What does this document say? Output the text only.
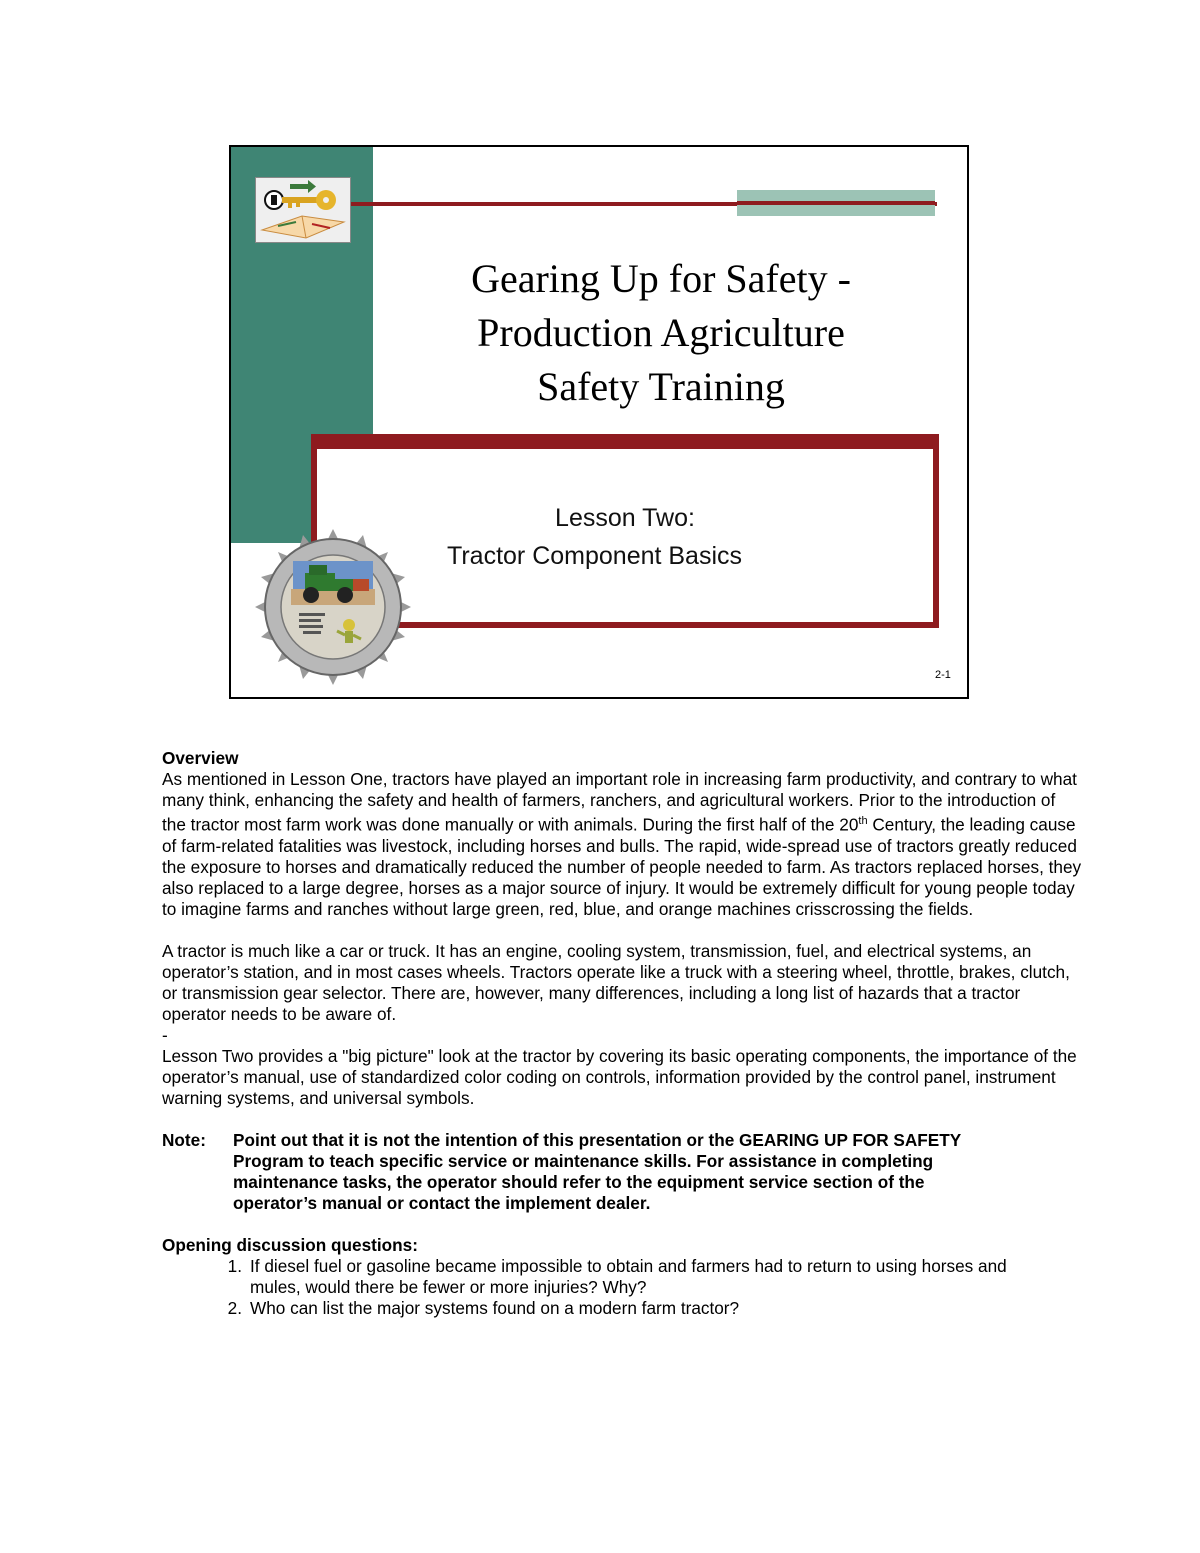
Gearing Up for Safety -
Production Agriculture
Safety Training
Lesson Two:
Tractor Component Basics
2-1

Overview

As mentioned in Lesson One, tractors have played an important role in increasing farm productivity, and contrary to what many think, enhancing the safety and health of farmers, ranchers, and agricultural workers. Prior to the introduction of the tractor most farm work was done manually or with animals. During the first half of the 20th Century, the leading cause of farm-related fatalities was livestock, including horses and bulls. The rapid, wide-spread use of tractors greatly reduced the exposure to horses and dramatically reduced the number of people needed to farm. As tractors replaced horses, they also replaced to a large degree, horses as a major source of injury. It would be extremely difficult for young people today to imagine farms and ranches without large green, red, blue, and orange machines crisscrossing the fields.

A tractor is much like a car or truck. It has an engine, cooling system, transmission, fuel, and electrical systems, an operator’s station, and in most cases wheels. Tractors operate like a truck with a steering wheel, throttle, brakes, clutch, or transmission gear selector. There are, however, many differences, including a long list of hazards that a tractor operator needs to be aware of.

-

Lesson Two provides a "big picture" look at the tractor by covering its basic operating components, the importance of the operator’s manual, use of standardized color coding on controls, information provided by the control panel, instrument warning systems, and universal symbols.

Note:	Point out that it is not the intention of this presentation or the GEARING UP FOR SAFETY Program to teach specific service or maintenance skills. For assistance in completing maintenance tasks, the operator should refer to the equipment service section of the operator’s manual or contact the implement dealer.

Opening discussion questions:

1. If diesel fuel or gasoline became impossible to obtain and farmers had to return to using horses and mules, would there be fewer or more injuries? Why?
2. Who can list the major systems found on a modern farm tractor?
